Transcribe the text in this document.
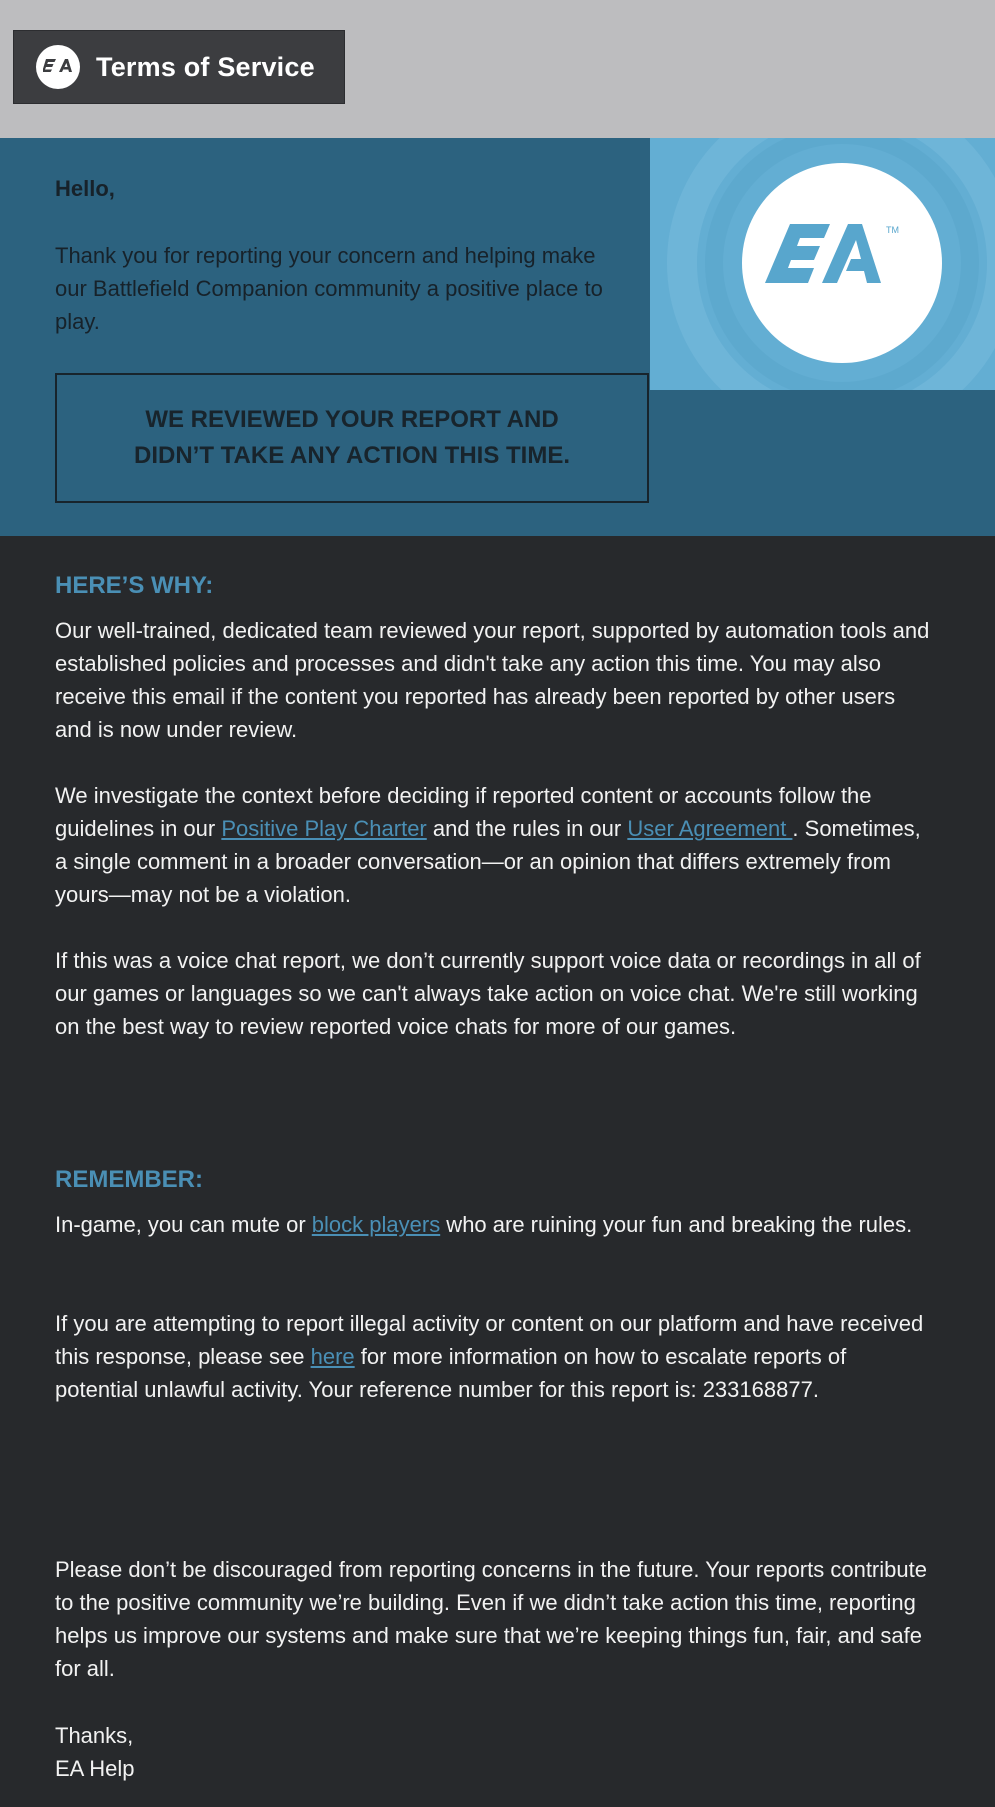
Terms of Service
TM
Hello,
Thank you for reporting your concern and helping make our Battlefield Companion community a positive place to play.
WE REVIEWED YOUR REPORT AND DIDN’T TAKE ANY ACTION THIS TIME.
HERE’S WHY:
Our well-trained, dedicated team reviewed your report, supported by automation tools and established policies and processes and didn't take any action this time. You may also receive this email if the content you reported has already been reported by other users and is now under review.
We investigate the context before deciding if reported content or accounts follow the guidelines in our Positive Play Charter and the rules in our User Agreement . Sometimes, a single comment in a broader conversation—or an opinion that differs extremely from yours—may not be a violation.
If this was a voice chat report, we don’t currently support voice data or recordings in all of our games or languages so we can't always take action on voice chat. We're still working on the best way to review reported voice chats for more of our games.
REMEMBER:
In-game, you can mute or block players who are ruining your fun and breaking the rules.
If you are attempting to report illegal activity or content on our platform and have received this response, please see here for more information on how to escalate reports of potential unlawful activity. Your reference number for this report is: 233168877.
Please don’t be discouraged from reporting concerns in the future. Your reports contribute to the positive community we’re building. Even if we didn’t take action this time, reporting helps us improve our systems and make sure that we’re keeping things fun, fair, and safe for all.
Thanks,
EA Help
